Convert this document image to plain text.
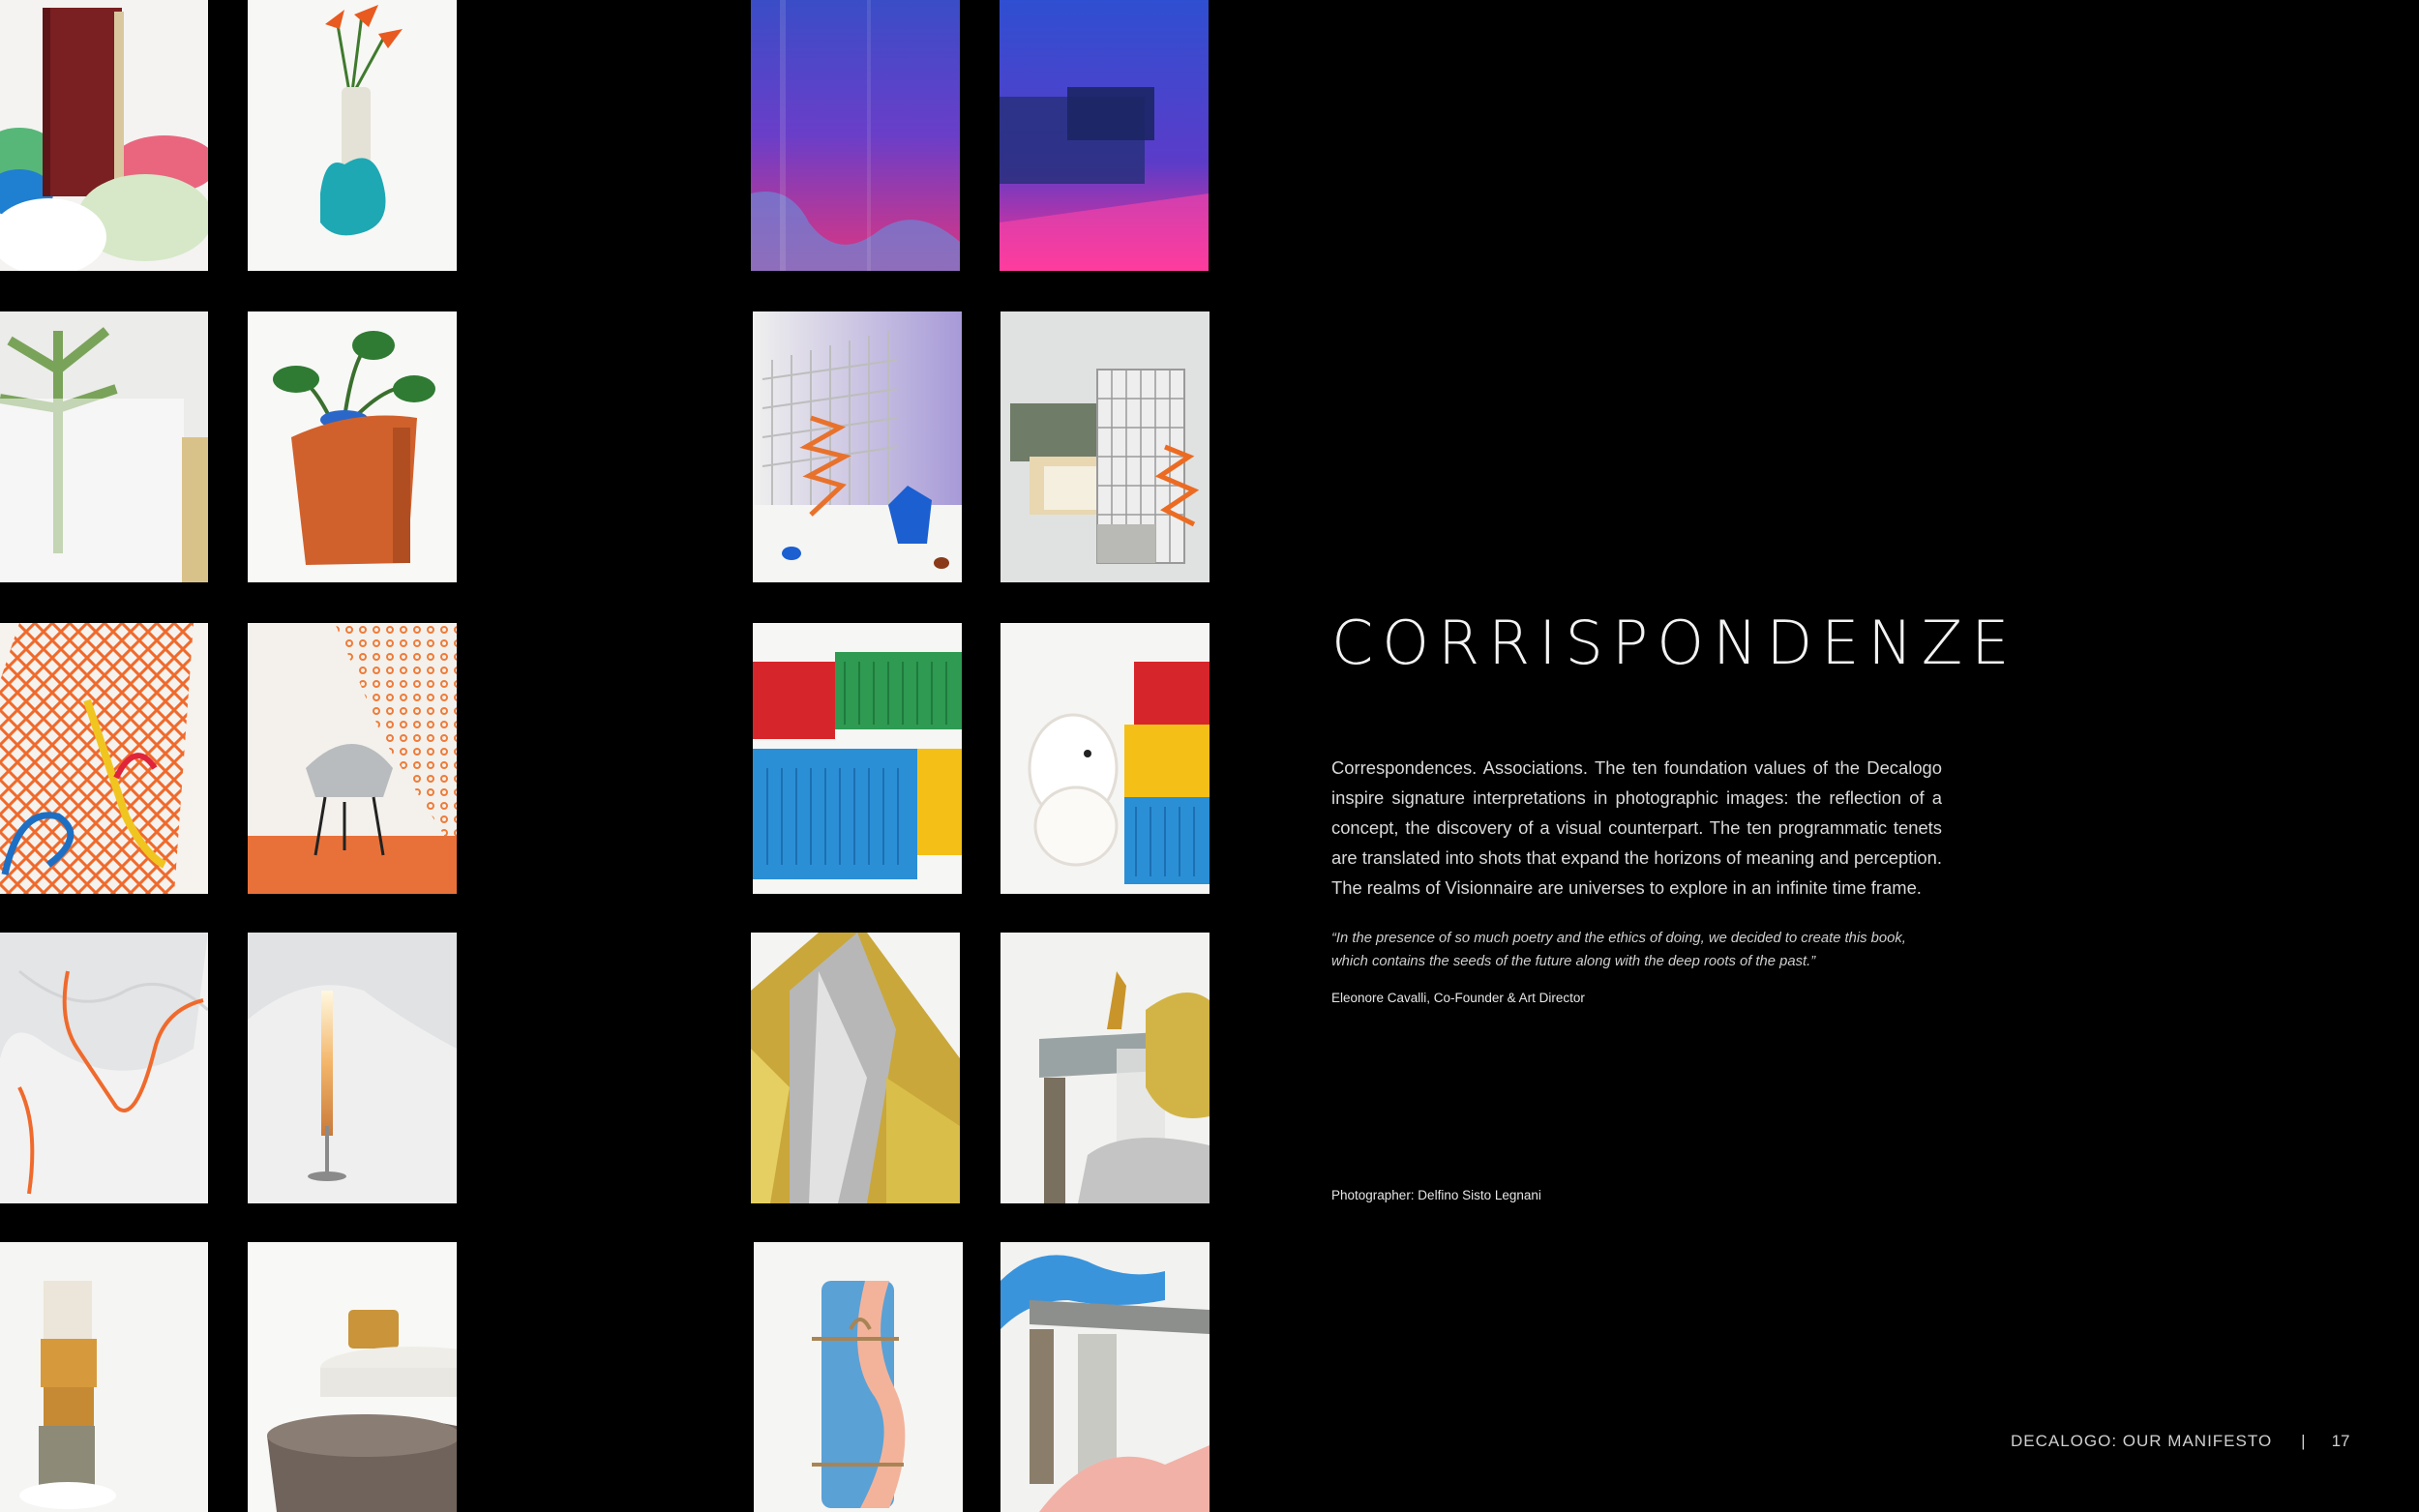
CORRISPONDENZE

Correspondences. Associations. The ten foundation values of the Decalogo inspire signature interpretations in photographic images: the reflection of a concept, the discovery of a visual counterpart. The ten programmatic tenets are translated into shots that expand the horizons of meaning and perception. The realms of Visionnaire are universes to explore in an infinite time frame.

“In the presence of so much poetry and the ethics of doing, we decided to create this book, which contains the seeds of the future along with the deep roots of the past.”

Eleonore Cavalli, Co-Founder & Art Director

Photographer: Delfino Sisto Legnani

DECALOGO: OUR MANIFESTO | 17
